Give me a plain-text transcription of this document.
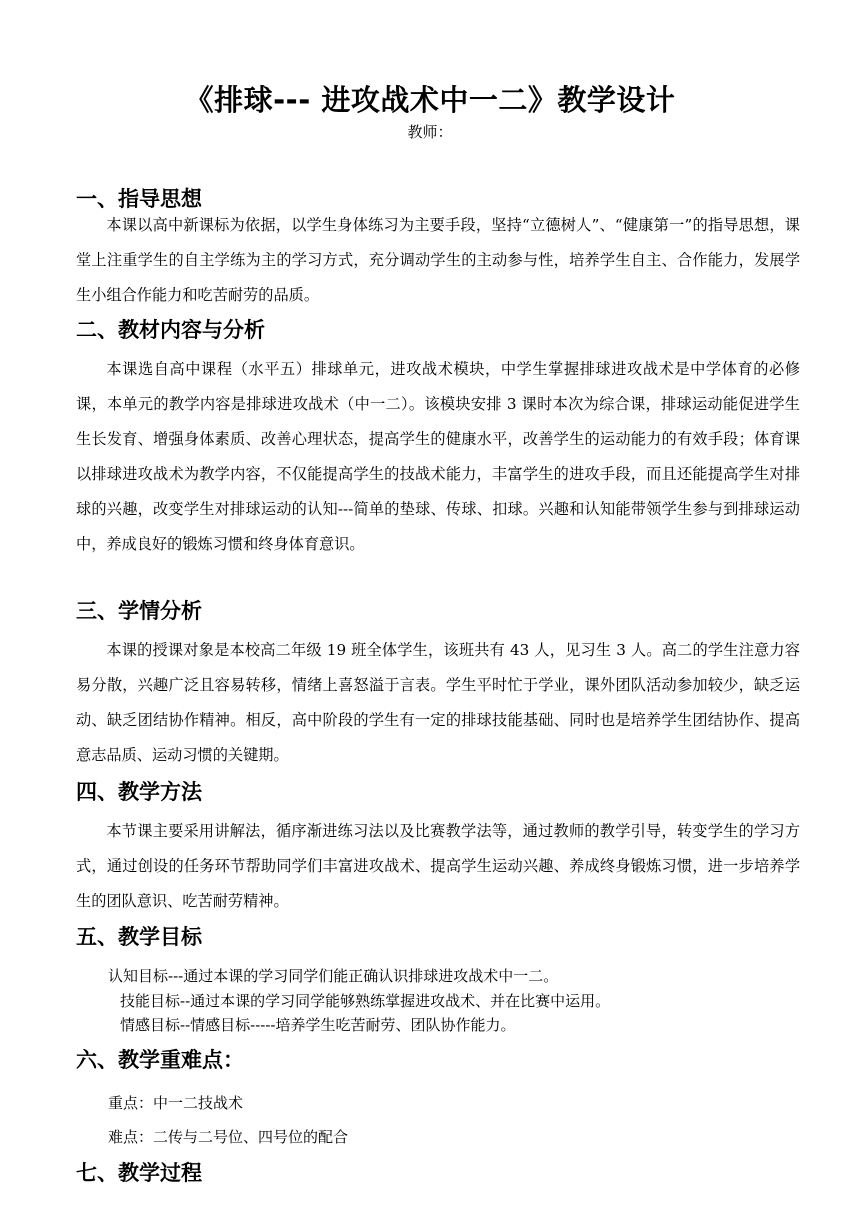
《排球--- 进攻战术中一二》教学设计
教师：
一、指导思想
本课以高中新课标为依据，以学生身体练习为主要手段，坚持“立德树人”、“健康第一”的指导思想，课堂上注重学生的自主学练为主的学习方式，充分调动学生的主动参与性，培养学生自主、合作能力，发展学生小组合作能力和吃苦耐劳的品质。
二、教材内容与分析
本课选自高中课程（水平五）排球单元，进攻战术模块，中学生掌握排球进攻战术是中学体育的必修课，本单元的教学内容是排球进攻战术（中一二）。该模块安排 3 课时本次为综合课，排球运动能促进学生生长发育、增强身体素质、改善心理状态，提高学生的健康水平，改善学生的运动能力的有效手段；体育课以排球进攻战术为教学内容，不仅能提高学生的技战术能力，丰富学生的进攻手段，而且还能提高学生对排球的兴趣，改变学生对排球运动的认知---简单的垫球、传球、扣球。兴趣和认知能带领学生参与到排球运动中，养成良好的锻炼习惯和终身体育意识。
三、学情分析
本课的授课对象是本校高二年级 19 班全体学生，该班共有 43 人，见习生 3 人。高二的学生注意力容易分散，兴趣广泛且容易转移，情绪上喜怒溢于言表。学生平时忙于学业，课外团队活动参加较少，缺乏运动、缺乏团结协作精神。相反，高中阶段的学生有一定的排球技能基础、同时也是培养学生团结协作、提高意志品质、运动习惯的关键期。
四、教学方法
本节课主要采用讲解法，循序渐进练习法以及比赛教学法等，通过教师的教学引导，转变学生的学习方式，通过创设的任务环节帮助同学们丰富进攻战术、提高学生运动兴趣、养成终身锻炼习惯，进一步培养学生的团队意识、吃苦耐劳精神。
五、教学目标
认知目标---通过本课的学习同学们能正确认识排球进攻战术中一二。
技能目标--通过本课的学习同学能够熟练掌握进攻战术、并在比赛中运用。
情感目标--情感目标-----培养学生吃苦耐劳、团队协作能力。
六、教学重难点：
重点：中一二技战术
难点：二传与二号位、四号位的配合
七、教学过程
